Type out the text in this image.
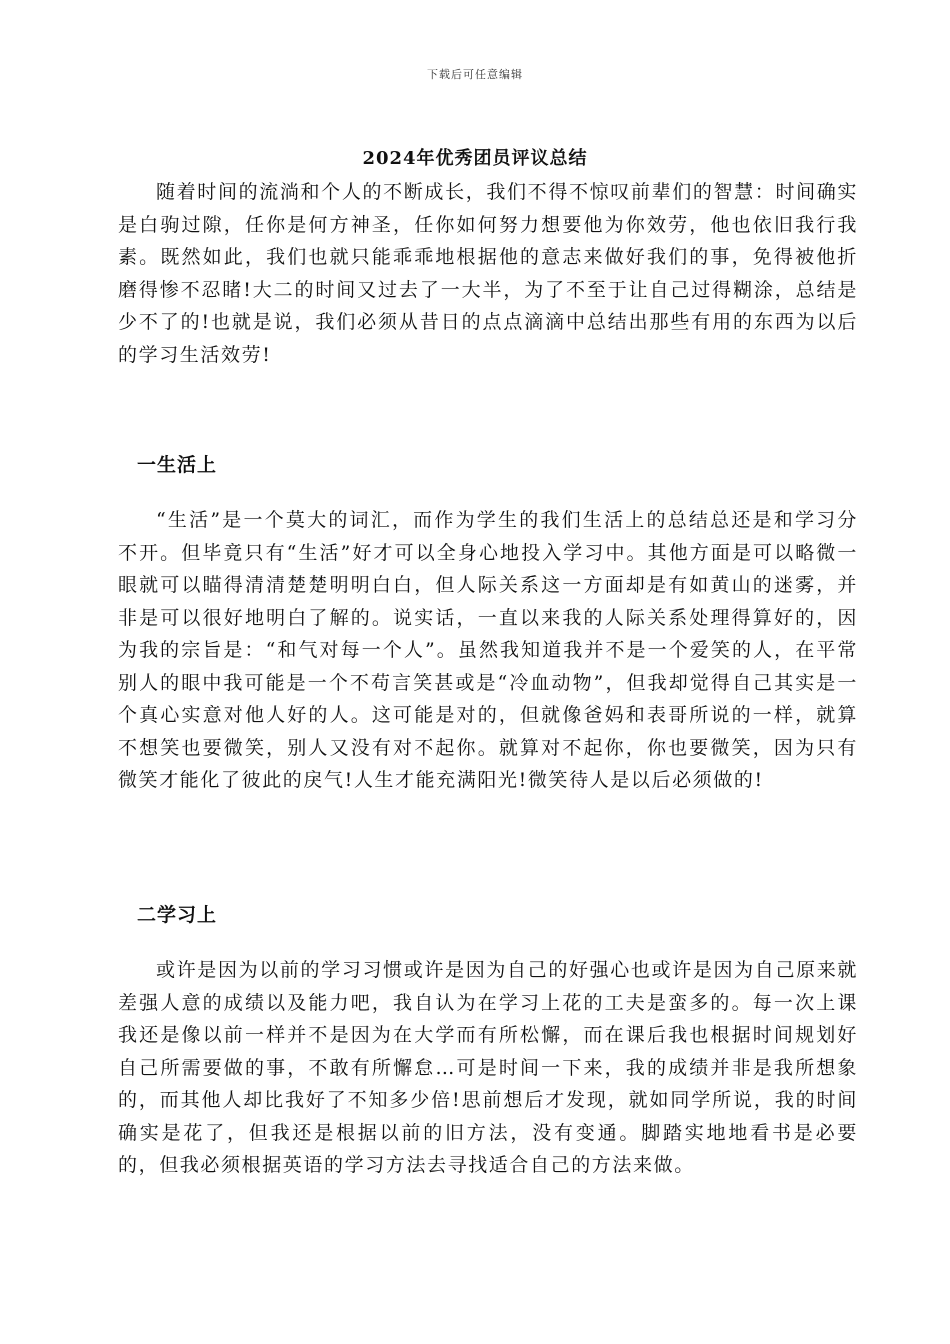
下载后可任意编辑
2024年优秀团员评议总结

随着时间的流淌和个人的不断成长，我们不得不惊叹前辈们的智慧：时间确实是白驹过隙，任你是何方神圣，任你如何努力想要他为你效劳，他也依旧我行我素。既然如此，我们也就只能乖乖地根据他的意志来做好我们的事，免得被他折磨得惨不忍睹!大二的时间又过去了一大半，为了不至于让自己过得糊涂，总结是少不了的!也就是说，我们必须从昔日的点点滴滴中总结出那些有用的东西为以后的学习生活效劳!

一生活上

“生活”是一个莫大的词汇，而作为学生的我们生活上的总结总还是和学习分不开。但毕竟只有“生活”好才可以全身心地投入学习中。其他方面是可以略微一眼就可以瞄得清清楚楚明明白白，但人际关系这一方面却是有如黄山的迷雾，并非是可以很好地明白了解的。说实话，一直以来我的人际关系处理得算好的，因为我的宗旨是：“和气对每一个人”。虽然我知道我并不是一个爱笑的人，在平常别人的眼中我可能是一个不苟言笑甚或是“冷血动物”，但我却觉得自己其实是一个真心实意对他人好的人。这可能是对的，但就像爸妈和表哥所说的一样，就算不想笑也要微笑，别人又没有对不起你。就算对不起你，你也要微笑，因为只有微笑才能化了彼此的戾气!人生才能充满阳光!微笑待人是以后必须做的!

二学习上

或许是因为以前的学习习惯或许是因为自己的好强心也或许是因为自己原来就差强人意的成绩以及能力吧，我自认为在学习上花的工夫是蛮多的。每一次上课我还是像以前一样并不是因为在大学而有所松懈，而在课后我也根据时间规划好自己所需要做的事，不敢有所懈怠…可是时间一下来，我的成绩并非是我所想象的，而其他人却比我好了不知多少倍!思前想后才发现，就如同学所说，我的时间确实是花了，但我还是根据以前的旧方法，没有变通。脚踏实地地看书是必要的，但我必须根据英语的学习方法去寻找适合自己的方法来做。
